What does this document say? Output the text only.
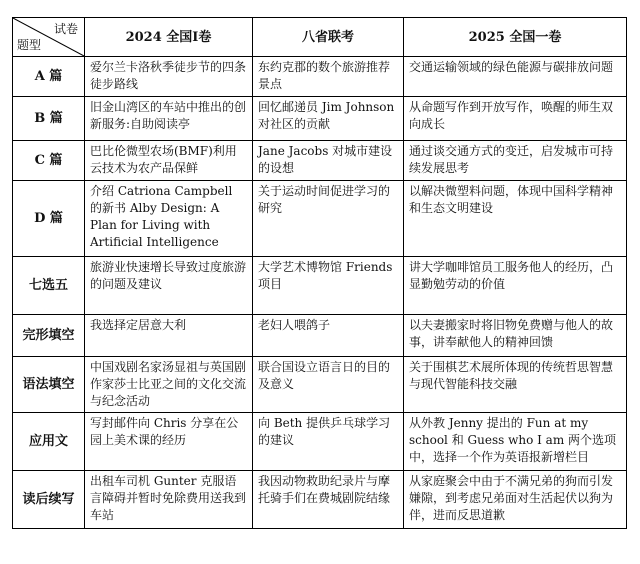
试卷
题型	2024 全国Ⅰ卷	八省联考	2025 全国一卷
A 篇	爱尔兰卡洛秋季徒步节的四条徒步路线	东约克郡的数个旅游推荐景点	交通运输领域的绿色能源与碳排放问题
B 篇	旧金山湾区的车站中推出的创新服务:自助阅读亭	回忆邮递员 Jim Johnson 对社区的贡献	从命题写作到开放写作，唤醒的师生双向成长
C 篇	巴比伦微型农场(BMF)利用云技术为农产品保鲜	Jane Jacobs 对城市建设的设想	通过谈交通方式的变迁，启发城市可持续发展思考
D 篇	介绍 Catriona Campbell 的新书 Alby Design: A Plan for Living with Artificial Intelligence	关于运动时间促进学习的研究	以解决微塑料问题，体现中国科学精神和生态文明建设
七选五	旅游业快速增长导致过度旅游的问题及建议	大学艺术博物馆 Friends 项目	讲大学咖啡馆员工服务他人的经历，凸显勤勉劳动的价值
完形填空	我选择定居意大利	老妇人喂鸽子	以夫妻搬家时将旧物免费赠与他人的故事，讲奉献他人的精神回馈
语法填空	中国戏剧名家汤显祖与英国剧作家莎士比亚之间的文化交流与纪念活动	联合国设立语言日的目的及意义	关于围棋艺术展所体现的传统哲思智慧与现代智能科技交融
应用文	写封邮件向 Chris 分享在公园上美术课的经历	向 Beth 提供乒乓球学习的建议	从外教 Jenny 提出的 Fun at my school 和 Guess who I am 两个选项中，选择一个作为英语报新增栏目
读后续写	出租车司机 Gunter 克服语言障碍并暂时免除费用送我到车站	我因动物救助纪录片与摩托骑手们在费城剧院结缘	从家庭聚会中由于不满兄弟的狗而引发嫌隙，到考虑兄弟面对生活起伏以狗为伴，进而反思道歉
